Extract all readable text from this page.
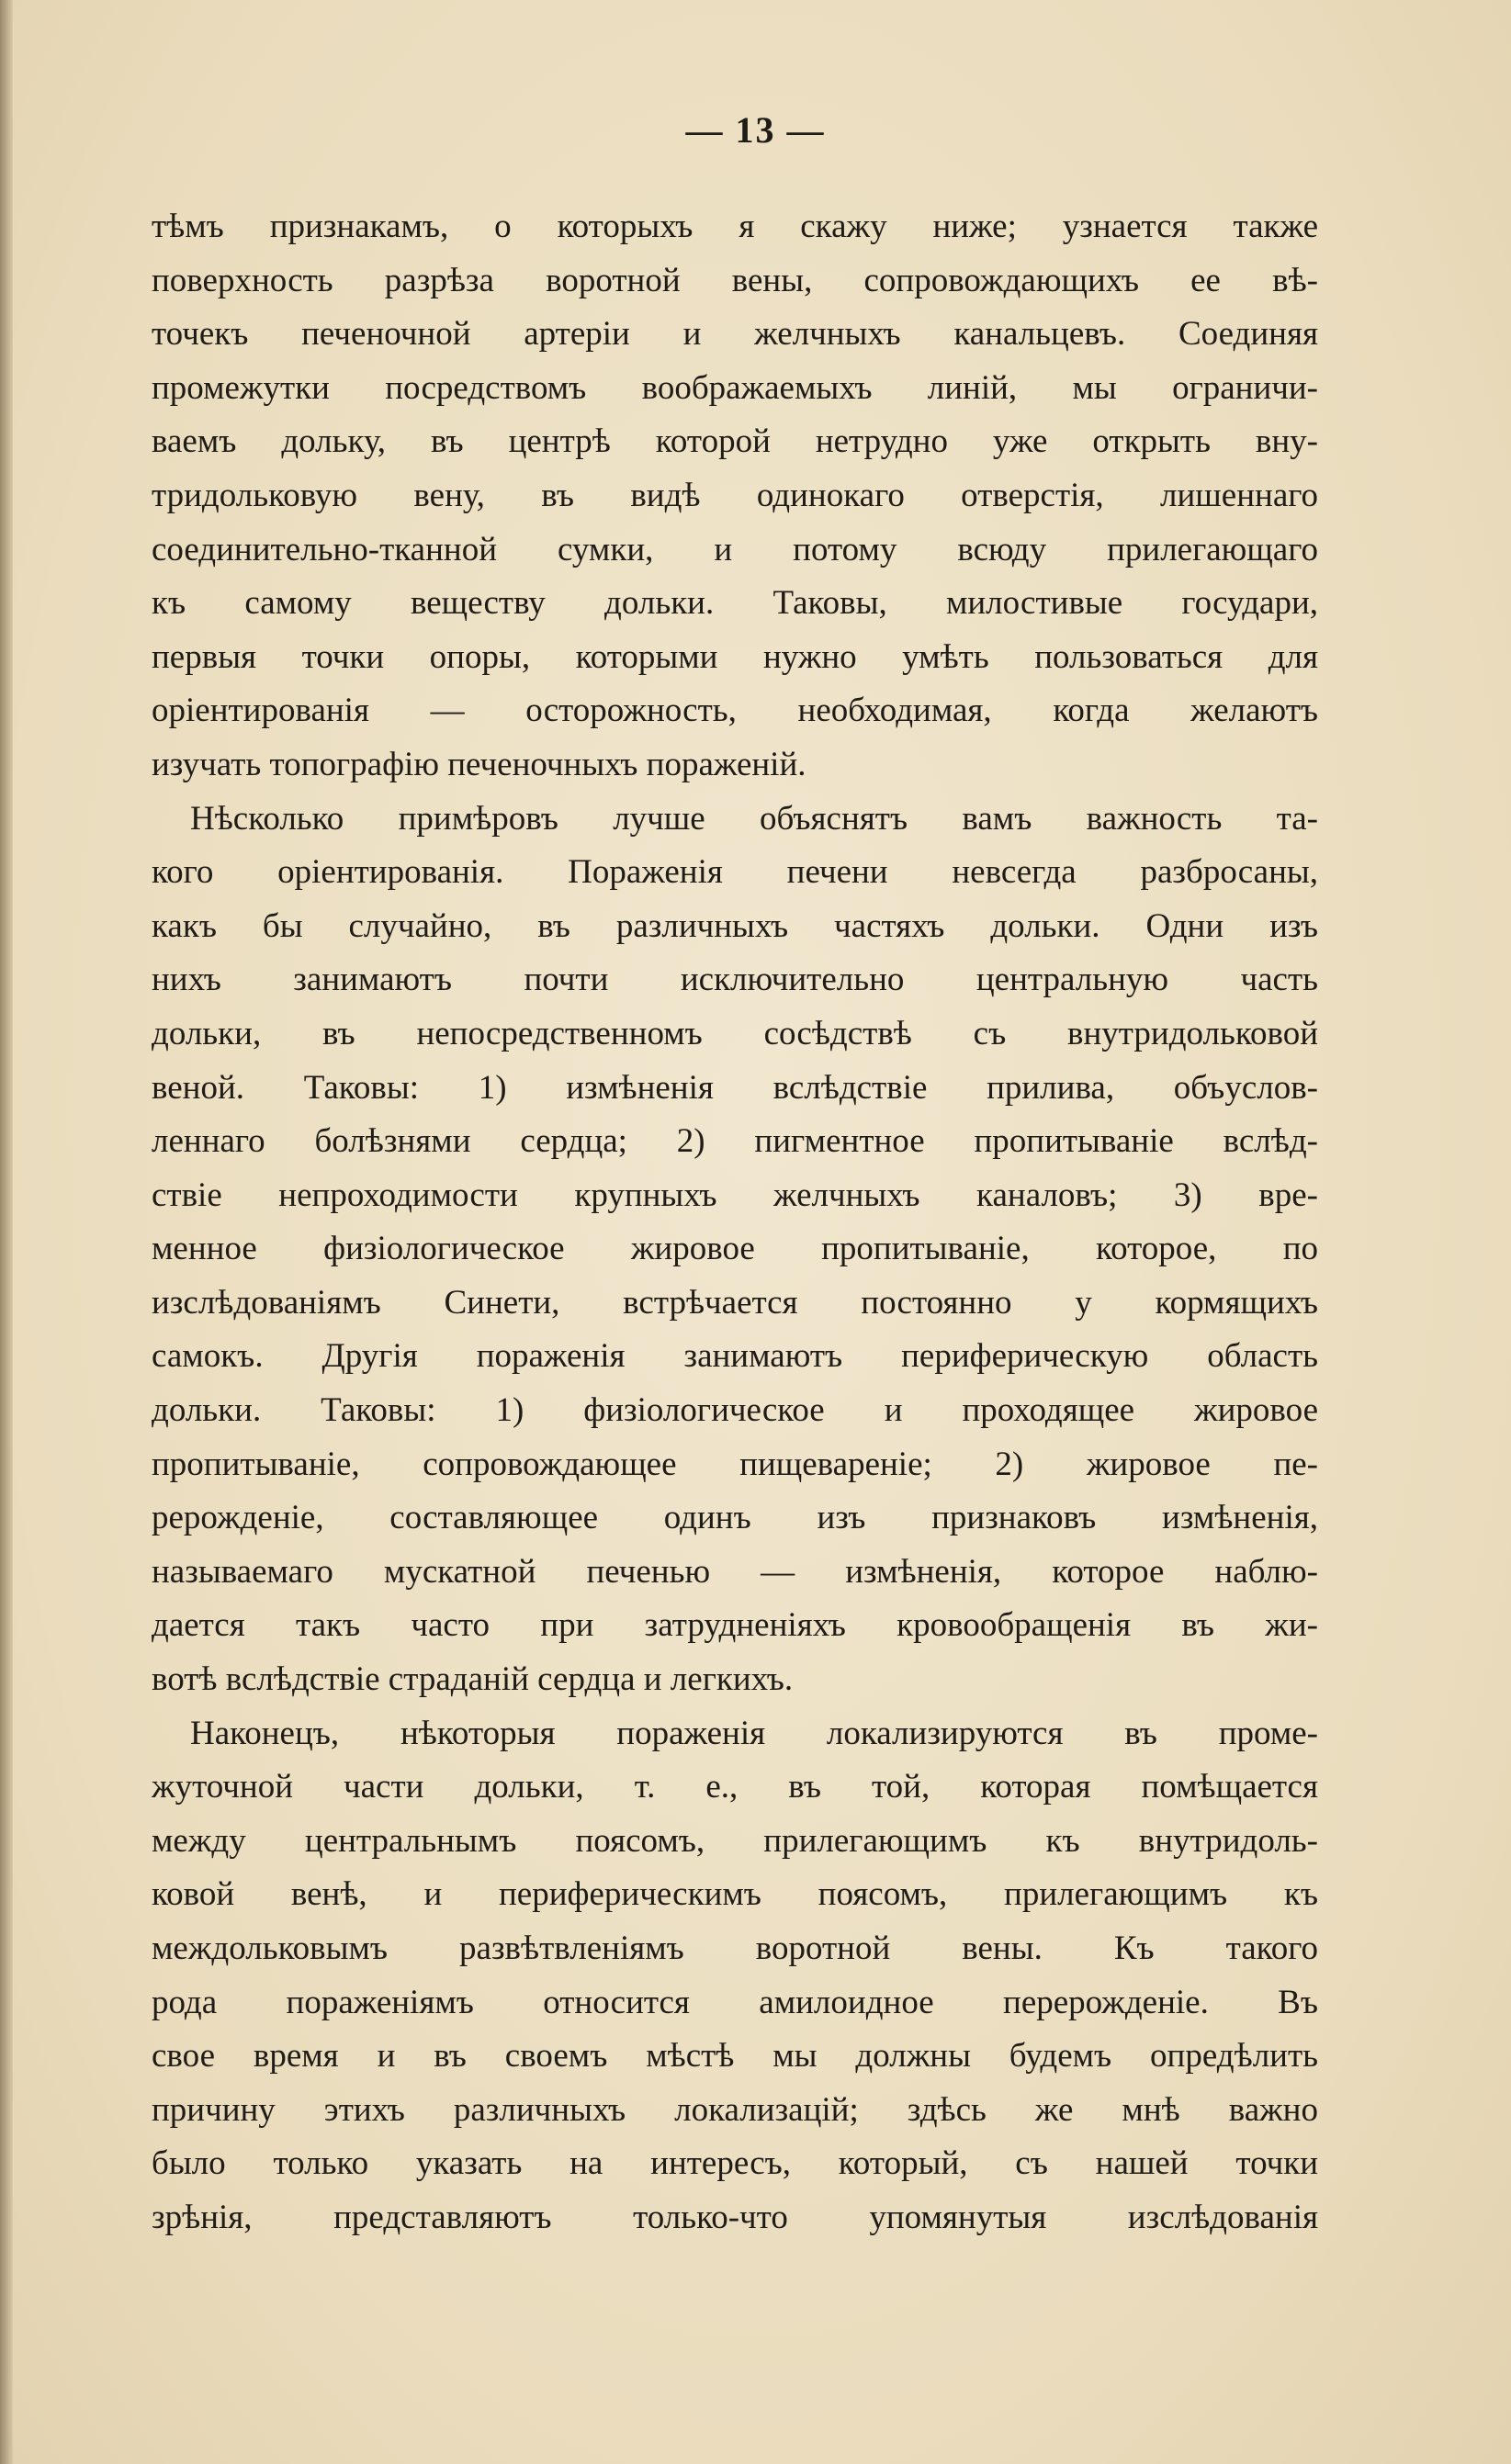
— 13 —
тѣмъ признакамъ, о которыхъ я скажу ниже; узнается также
поверхность разрѣза воротной вены, сопровождающихъ ее вѣ-
точекъ печеночной артеріи и желчныхъ канальцевъ. Соединяя
промежутки посредствомъ воображаемыхъ линій, мы ограничи-
ваемъ дольку, въ центрѣ которой нетрудно уже открыть вну-
тридольковую вену, въ видѣ одинокаго отверстія, лишеннаго
соединительно-тканной сумки, и потому всюду прилегающаго
къ самому веществу дольки. Таковы, милостивые государи,
первыя точки опоры, которыми нужно умѣть пользоваться для
оріентированія — осторожность, необходимая, когда желаютъ
изучать топографію печеночныхъ пораженій.
Нѣсколько примѣровъ лучше объяснятъ вамъ важность та-
кого оріентированія. Пораженія печени невсегда разбросаны,
какъ бы случайно, въ различныхъ частяхъ дольки. Одни изъ
нихъ занимаютъ почти исключительно центральную часть
дольки, въ непосредственномъ сосѣдствѣ съ внутридольковой
веной. Таковы: 1) измѣненія вслѣдствіе прилива, объуслов-
леннаго болѣзнями сердца; 2) пигментное пропитываніе вслѣд-
ствіе непроходимости крупныхъ желчныхъ каналовъ; 3) вре-
менное физіологическое жировое пропитываніе, которое, по
изслѣдованіямъ Синети, встрѣчается постоянно у кормящихъ
самокъ. Другія пораженія занимаютъ периферическую область
дольки. Таковы: 1) физіологическое и проходящее жировое
пропитываніе, сопровождающее пищевареніе; 2) жировое пе-
рерожденіе, составляющее одинъ изъ признаковъ измѣненія,
называемаго мускатной печенью — измѣненія, которое наблю-
дается такъ часто при затрудненіяхъ кровообращенія въ жи-
вотѣ вслѣдствіе страданій сердца и легкихъ.
Наконецъ, нѣкоторыя пораженія локализируются въ проме-
жуточной части дольки, т. е., въ той, которая помѣщается
между центральнымъ поясомъ, прилегающимъ къ внутридоль-
ковой венѣ, и периферическимъ поясомъ, прилегающимъ къ
междольковымъ развѣтвленіямъ воротной вены. Къ такого
рода пораженіямъ относится амилоидное перерожденіе. Въ
свое время и въ своемъ мѣстѣ мы должны будемъ опредѣлить
причину этихъ различныхъ локализацій; здѣсь же мнѣ важно
было только указать на интересъ, который, съ нашей точки
зрѣнія, представляютъ только-что упомянутыя изслѣдованія
